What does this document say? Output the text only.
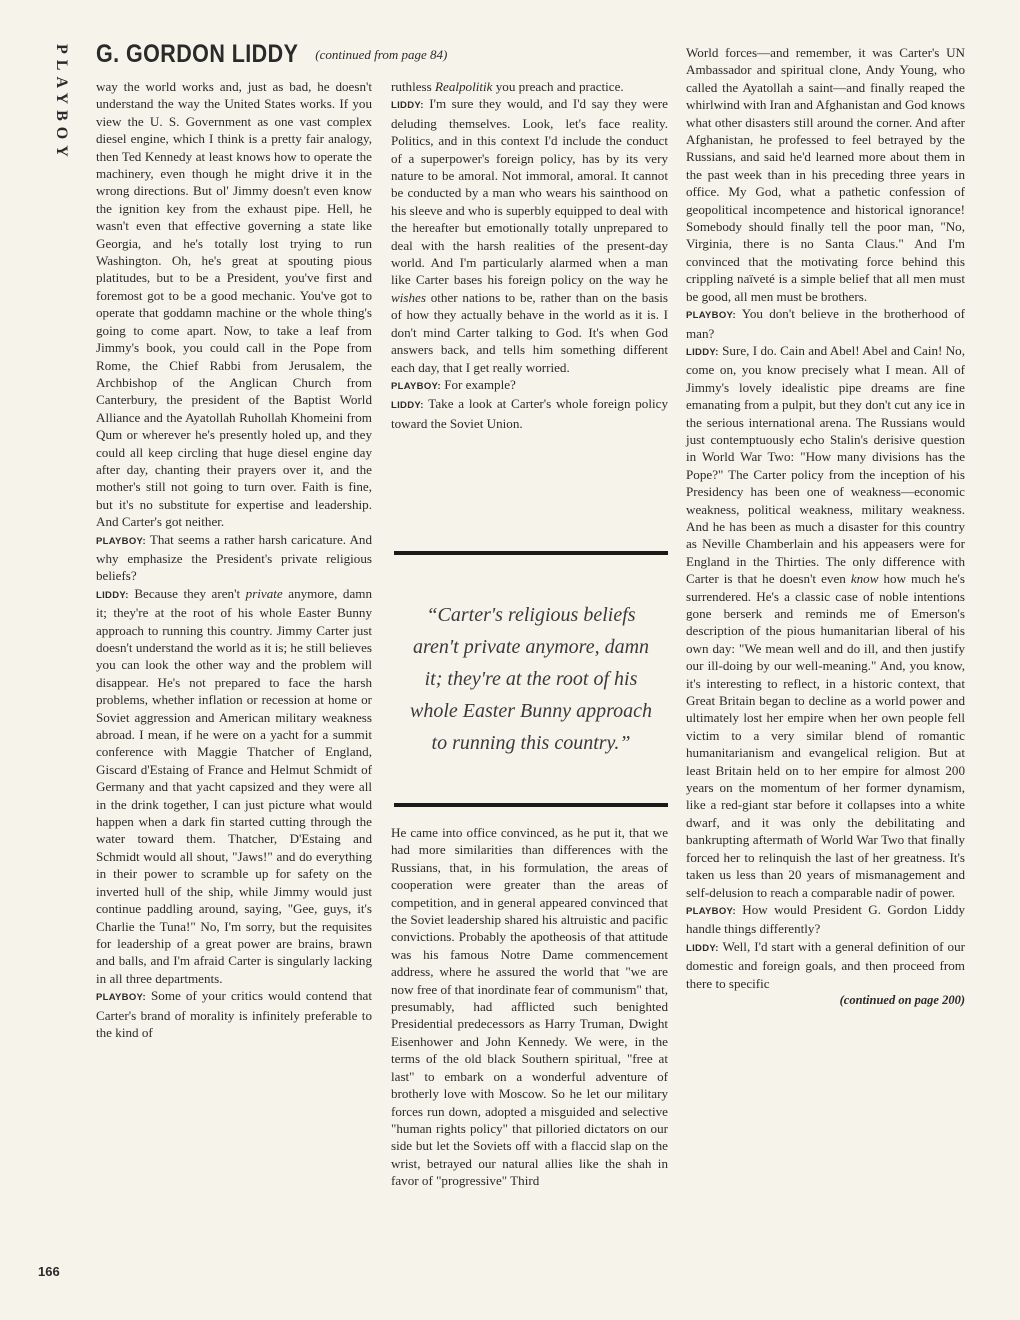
PLAYBOY G. GORDON LIDDY (continued from page 84)

way the world works and, just as bad, he doesn't understand the way the United States works. If you view the U. S. Government as one vast complex diesel engine, which I think is a pretty fair analogy, then Ted Kennedy at least knows how to operate the machinery, even though he might drive it in the wrong directions. But ol' Jimmy doesn't even know the ignition key from the exhaust pipe. Hell, he wasn't even that effective governing a state like Georgia, and he's totally lost trying to run Washington. Oh, he's great at spouting pious platitudes, but to be a President, you've first and foremost got to be a good mechanic. You've got to operate that goddamn machine or the whole thing's going to come apart. Now, to take a leaf from Jimmy's book, you could call in the Pope from Rome, the Chief Rabbi from Jerusalem, the Archbishop of the Anglican Church from Canterbury, the president of the Baptist World Alliance and the Ayatollah Ruhollah Khomeini from Qum or wherever he's presently holed up, and they could all keep circling that huge diesel engine day after day, chanting their prayers over it, and the mother's still not going to turn over. Faith is fine, but it's no substitute for expertise and leadership. And Carter's got neither.

PLAYBOY: That seems a rather harsh caricature. And why emphasize the President's private religious beliefs?

LIDDY: Because they aren't private anymore, damn it; they're at the root of his whole Easter Bunny approach to running this country. Jimmy Carter just doesn't understand the world as it is; he still believes you can look the other way and the problem will disappear. He's not prepared to face the harsh problems, whether inflation or recession at home or Soviet aggression and American military weakness abroad. I mean, if he were on a yacht for a summit conference with Maggie Thatcher of England, Giscard d'Estaing of France and Helmut Schmidt of Germany and that yacht capsized and they were all in the drink together, I can just picture what would happen when a dark fin started cutting through the water toward them. Thatcher, D'Estaing and Schmidt would all shout, "Jaws!" and do everything in their power to scramble up for safety on the inverted hull of the ship, while Jimmy would just continue paddling around, saying, "Gee, guys, it's Charlie the Tuna!" No, I'm sorry, but the requisites for leadership of a great power are brains, brawn and balls, and I'm afraid Carter is singularly lacking in all three departments.

PLAYBOY: Some of your critics would contend that Carter's brand of morality is infinitely preferable to the kind of

ruthless Realpolitik you preach and practice.

LIDDY: I'm sure they would, and I'd say they were deluding themselves. Look, let's face reality. Politics, and in this context I'd include the conduct of a superpower's foreign policy, has by its very nature to be amoral. Not immoral, amoral. It cannot be conducted by a man who wears his sainthood on his sleeve and who is superbly equipped to deal with the hereafter but emotionally totally unprepared to deal with the harsh realities of the present-day world. And I'm particularly alarmed when a man like Carter bases his foreign policy on the way he wishes other nations to be, rather than on the basis of how they actually behave in the world as it is. I don't mind Carter talking to God. It's when God answers back, and tells him something different each day, that I get really worried.

PLAYBOY: For example?

LIDDY: Take a look at Carter's whole foreign policy toward the Soviet Union.

“Carter's religious beliefs aren't private anymore, damn it; they're at the root of his whole Easter Bunny approach to running this country.”

He came into office convinced, as he put it, that we had more similarities than differences with the Russians, that, in his formulation, the areas of cooperation were greater than the areas of competition, and in general appeared convinced that the Soviet leadership shared his altruistic and pacific convictions. Probably the apotheosis of that attitude was his famous Notre Dame commencement address, where he assured the world that "we are now free of that inordinate fear of communism" that, presumably, had afflicted such benighted Presidential predecessors as Harry Truman, Dwight Eisenhower and John Kennedy. We were, in the terms of the old black Southern spiritual, "free at last" to embark on a wonderful adventure of brotherly love with Moscow. So he let our military forces run down, adopted a misguided and selective "human rights policy" that pilloried dictators on our side but let the Soviets off with a flaccid slap on the wrist, betrayed our natural allies like the shah in favor of "progressive" Third

World forces—and remember, it was Carter's UN Ambassador and spiritual clone, Andy Young, who called the Ayatollah a saint—and finally reaped the whirlwind with Iran and Afghanistan and God knows what other disasters still around the corner. And after Afghanistan, he professed to feel betrayed by the Russians, and said he'd learned more about them in the past week than in his preceding three years in office. My God, what a pathetic confession of geopolitical incompetence and historical ignorance! Somebody should finally tell the poor man, "No, Virginia, there is no Santa Claus." And I'm convinced that the motivating force behind this crippling naïveté is a simple belief that all men must be good, all men must be brothers.

PLAYBOY: You don't believe in the brotherhood of man?

LIDDY: Sure, I do. Cain and Abel! Abel and Cain! No, come on, you know precisely what I mean. All of Jimmy's lovely idealistic pipe dreams are fine emanating from a pulpit, but they don't cut any ice in the serious international arena. The Russians would just contemptuously echo Stalin's derisive question in World War Two: "How many divisions has the Pope?" The Carter policy from the inception of his Presidency has been one of weakness—economic weakness, political weakness, military weakness. And he has been as much a disaster for this country as Neville Chamberlain and his appeasers were for England in the Thirties. The only difference with Carter is that he doesn't even know how much he's surrendered. He's a classic case of noble intentions gone berserk and reminds me of Emerson's description of the pious humanitarian liberal of his own day: "We mean well and do ill, and then justify our ill-doing by our well-meaning." And, you know, it's interesting to reflect, in a historic context, that Great Britain began to decline as a world power and ultimately lost her empire when her own people fell victim to a very similar blend of romantic humanitarianism and evangelical religion. But at least Britain held on to her empire for almost 200 years on the momentum of her former dynamism, like a red-giant star before it collapses into a white dwarf, and it was only the debilitating and bankrupting aftermath of World War Two that finally forced her to relinquish the last of her greatness. It's taken us less than 20 years of mismanagement and self-delusion to reach a comparable nadir of power.

PLAYBOY: How would President G. Gordon Liddy handle things differently?

LIDDY: Well, I'd start with a general definition of our domestic and foreign goals, and then proceed from there to specific

(continued on page 200)

166
